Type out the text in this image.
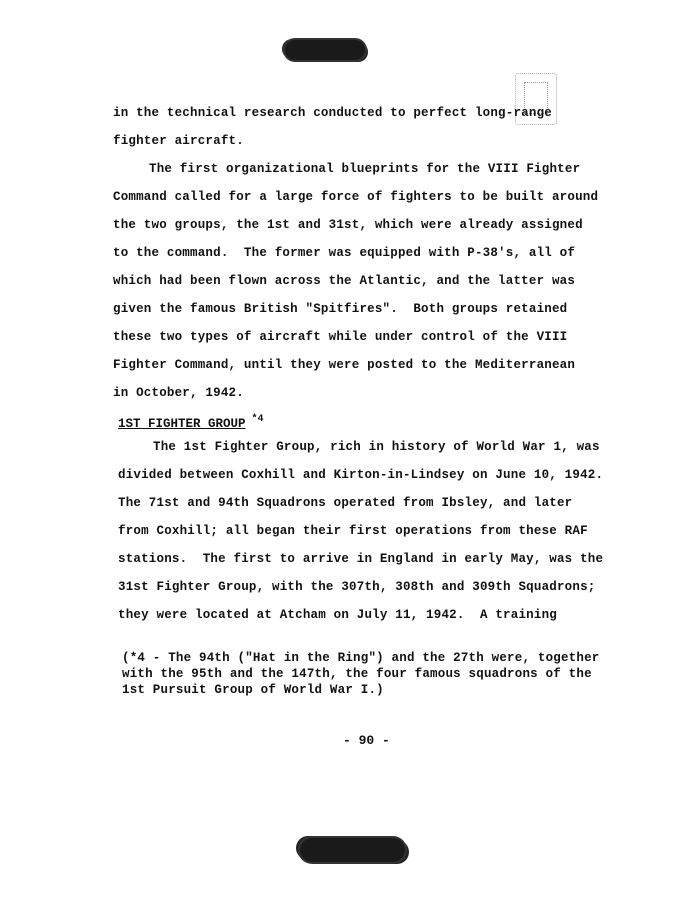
in the technical research conducted to perfect long-range
fighter aircraft.
The first organizational blueprints for the VIII Fighter
Command called for a large force of fighters to be built around
the two groups, the 1st and 31st, which were already assigned
to the command.  The former was equipped with P-38's, all of
which had been flown across the Atlantic, and the latter was
given the famous British "Spitfires".  Both groups retained
these two types of aircraft while under control of the VIII
Fighter Command, until they were posted to the Mediterranean
in October, 1942.
1ST FIGHTER GROUP $^{*4}$
The 1st Fighter Group, rich in history of World War 1, was
divided between Coxhill and Kirton-in-Lindsey on June 10, 1942.
The 71st and 94th Squadrons operated from Ibsley, and later
from Coxhill; all began their first operations from these RAF
stations.  The first to arrive in England in early May, was the
31st Fighter Group, with the 307th, 308th and 309th Squadrons;
they were located at Atcham on July 11, 1942.  A training
(*4 - The 94th ("Hat in the Ring") and the 27th were, together
with the 95th and the 147th, the four famous squadrons of the
1st Pursuit Group of World War I.)
- 90 -
